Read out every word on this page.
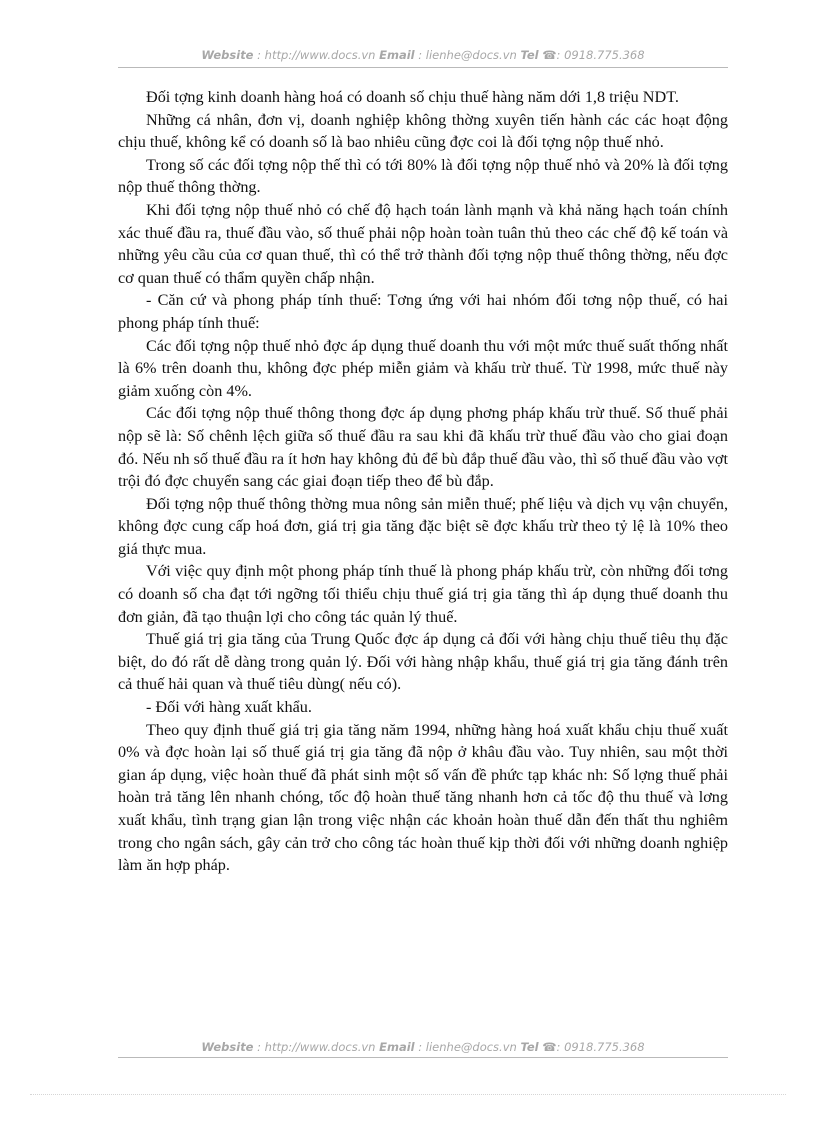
Website : http://www.docs.vn Email : lienhe@docs.vn Tel ☎: 0918.775.368

Đối tợng kinh doanh hàng hoá có doanh số chịu thuế hàng năm dới 1,8 triệu NDT.

Những cá nhân, đơn vị, doanh nghiệp không thờng xuyên tiến hành các các hoạt động chịu thuế, không kể có doanh số là bao nhiêu cũng đợc coi là đối tợng nộp thuế nhỏ.

Trong số các đối tợng nộp thế thì có tới 80% là đối tợng nộp thuế nhỏ và 20% là đối tợng nộp thuế thông thờng.

Khi đối tợng nộp thuế nhỏ có chế độ hạch toán lành mạnh và khả năng hạch toán chính xác thuế đầu ra, thuế đầu vào, số thuế phải nộp hoàn toàn tuân thủ theo các chế độ kế toán và những yêu cầu của cơ quan thuế, thì có thể trở thành đối tợng nộp thuế thông thờng, nếu đợc cơ quan thuế có thẩm quyền chấp nhận.

- Căn cứ và phong pháp tính thuế: Tơng ứng với hai nhóm đối tơng nộp thuế, có hai phong pháp tính thuế:

Các đối tợng nộp thuế nhỏ đợc áp dụng thuế doanh thu với một mức thuế suất thống nhất là 6% trên doanh thu, không đợc phép miễn giảm và khấu trừ thuế. Từ 1998, mức thuế này giảm xuống còn 4%.

Các đối tợng nộp thuế thông thong đợc áp dụng phơng pháp khấu trừ thuế. Số thuế phải nộp sẽ là: Số chênh lệch giữa số thuế đầu ra sau khi đã khấu trừ thuế đầu vào cho giai đoạn đó. Nếu nh số thuế đầu ra ít hơn hay không đủ để bù đắp thuế đầu vào, thì số thuế đầu vào vợt trội đó đợc chuyển sang các giai đoạn tiếp theo để bù đắp.

Đối tợng nộp thuế thông thờng mua nông sản miễn thuế; phế liệu và dịch vụ vận chuyển, không đợc cung cấp hoá đơn, giá trị gia tăng đặc biệt sẽ đợc khấu trừ theo tỷ lệ là 10% theo giá thực mua.

Với việc quy định một phong pháp tính thuế là phong pháp khấu trừ, còn những đối tơng có doanh số cha đạt tới ngỡng tối thiểu chịu thuế giá trị gia tăng thì áp dụng thuế doanh thu đơn giản, đã tạo thuận lợi cho công tác quản lý thuế.

Thuế giá trị gia tăng của Trung Quốc đợc áp dụng cả đối với hàng chịu thuế tiêu thụ đặc biệt, do đó rất dễ dàng trong quản lý. Đối với hàng nhập khẩu, thuế giá trị gia tăng đánh trên cả thuế hải quan và thuế tiêu dùng( nếu có).

- Đối với hàng xuất khẩu.

Theo quy định thuế giá trị gia tăng năm 1994, những hàng hoá xuất khẩu chịu thuế xuất 0% và đợc hoàn lại số thuế giá trị gia tăng đã nộp ở khâu đầu vào. Tuy nhiên, sau một thời gian áp dụng, việc hoàn thuế đã phát sinh một số vấn đề phức tạp khác nh: Số lợng thuế phải hoàn trả tăng lên nhanh chóng, tốc độ hoàn thuế tăng nhanh hơn cả tốc độ thu thuế và lơng xuất khẩu, tình trạng gian lận trong việc nhận các khoản hoàn thuế dẫn đến thất thu nghiêm trong cho ngân sách, gây cản trở cho công tác hoàn thuế kịp thời đối với những doanh nghiệp làm ăn hợp pháp.

Website : http://www.docs.vn Email : lienhe@docs.vn Tel ☎: 0918.775.368
